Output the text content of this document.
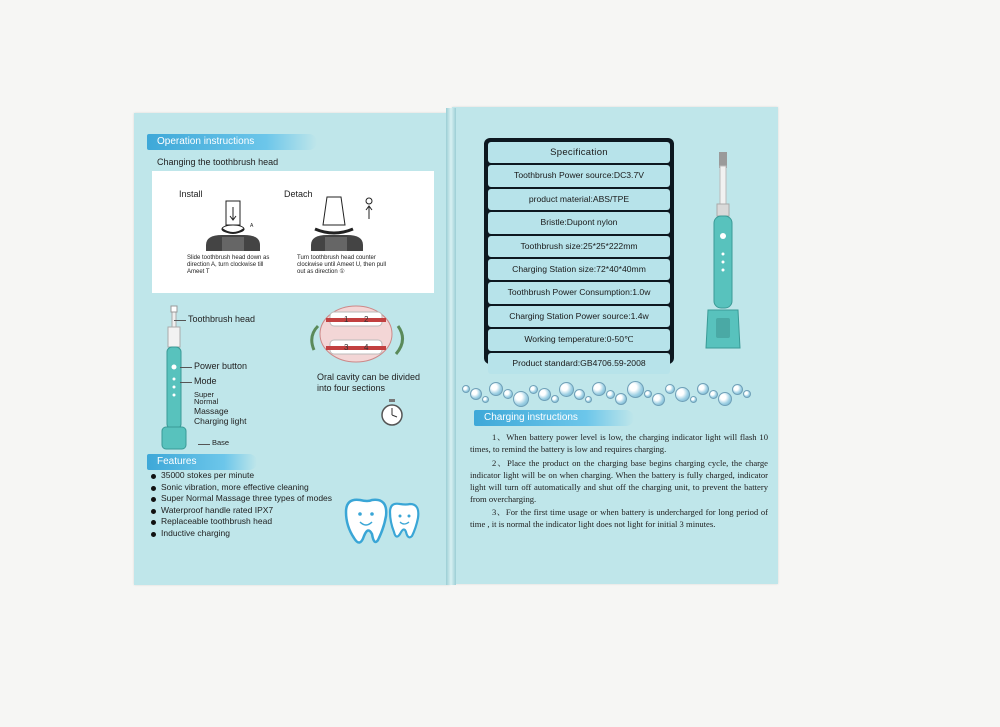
Operation instructions
Changing the toothbrush head
Install	Detach
A
Slide toothbrush head down as direction A, turn clockwise till Ameet T
Turn toothbrush head counter clockwise until Ameet U, then pull out as direction ①
Toothbrush head
Power button
Mode
Super
Normal
Massage
Charging light
Base
1 2
3 4
Oral cavity can be divided into four sections
Features
35000 stokes per minute
Sonic vibration, more effective cleaning
Super Normal Massage three types of modes
Waterproof handle rated IPX7
Replaceable toothbrush head
Inductive charging
Specification
Toothbrush Power source:DC3.7V
product material:ABS/TPE
Bristle:Dupont nylon
Toothbrush size:25*25*222mm
Charging Station size:72*40*40mm
Toothbrush Power Consumption:1.0w
Charging Station Power source:1.4w
Working temperature:0-50℃
Product standard:GB4706.59-2008
Charging instructions

1、When battery power level is low, the charging indicator light will flash 10 times, to remind the battery is low and requires charging.

2、Place the product on the charging base begins charging cycle, the charge indicator light will be on when charging. When the battery is fully charged, indicator light will turn off automatically and shut off the charging unit, to prevent the battery from overcharging.

3、For the first time usage or when battery is undercharged for long period of time , it is normal the indicator light does not light for initial 3 minutes.
